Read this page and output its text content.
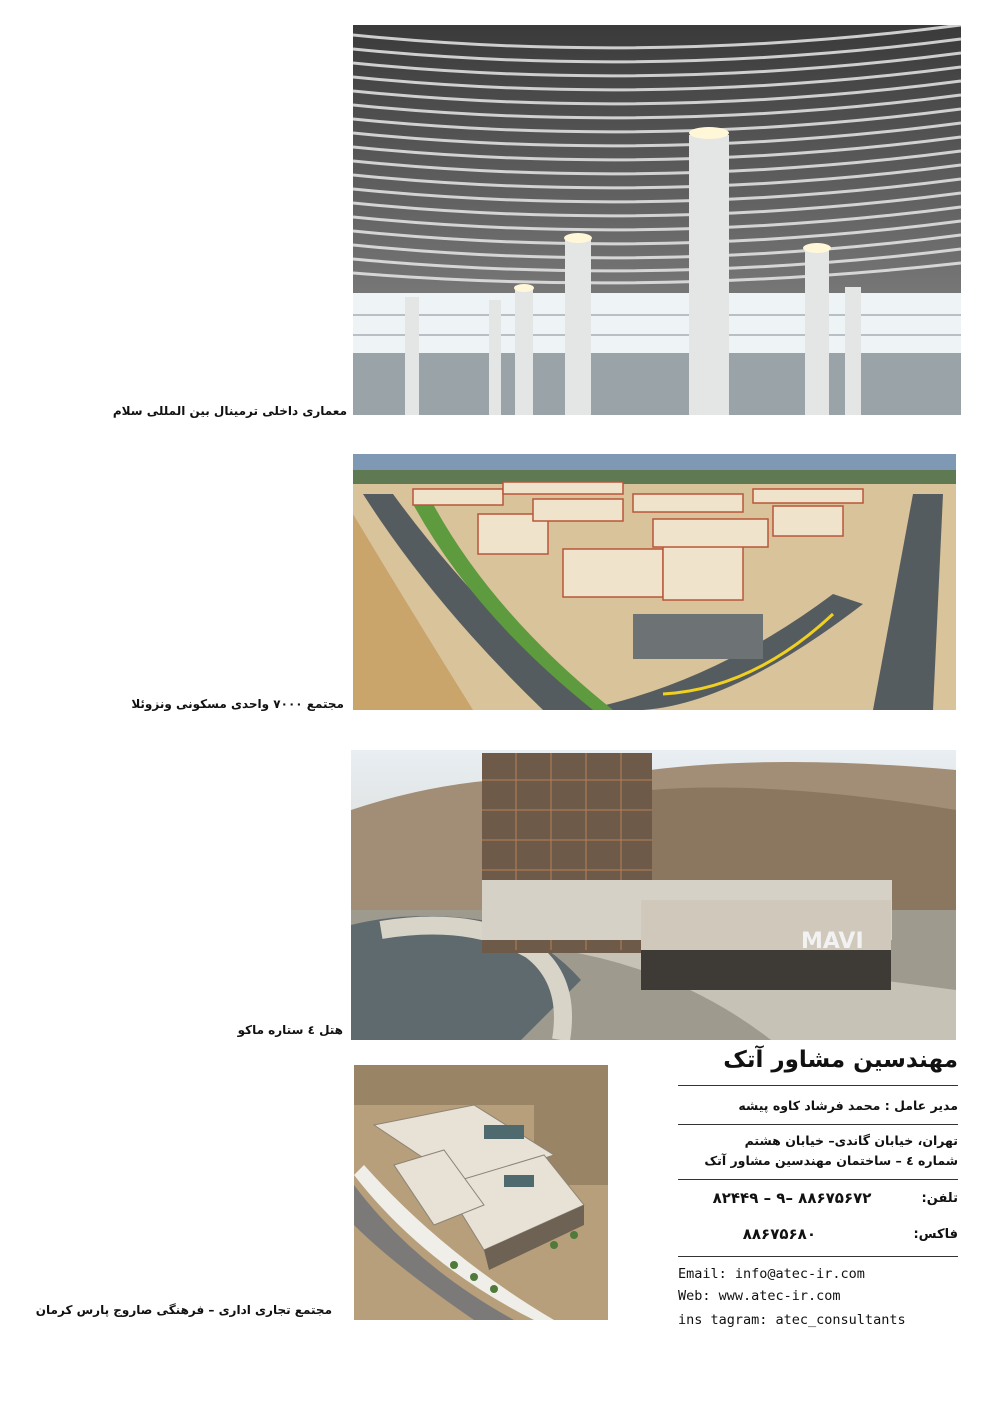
معماری داخلی ترمینال بین المللی سلام
مجتمع ۷۰۰۰ واحدی مسکونی ونزوئلا
MAVI
هتل ٤ ستاره ماکو
مجتمع تجاری اداری – فرهنگی صاروج پارس کرمان
مهندسین مشاور آتک
مدیر عامل : محمد فرشاد کاوه پیشه
تهران، خیابان گاندی– خیابان هشتم
شماره ٤ – ساختمان مهندسین مشاور آتک
تلفن:
۸۲۴۴۹ – ۹– ۸۸۶۷۵۶۷۲
فاکس:
۸۸۶۷۵۶۸۰
Email: info@atec-ir.com
Web: www.atec-ir.com
ins tagram: atec_consultants
